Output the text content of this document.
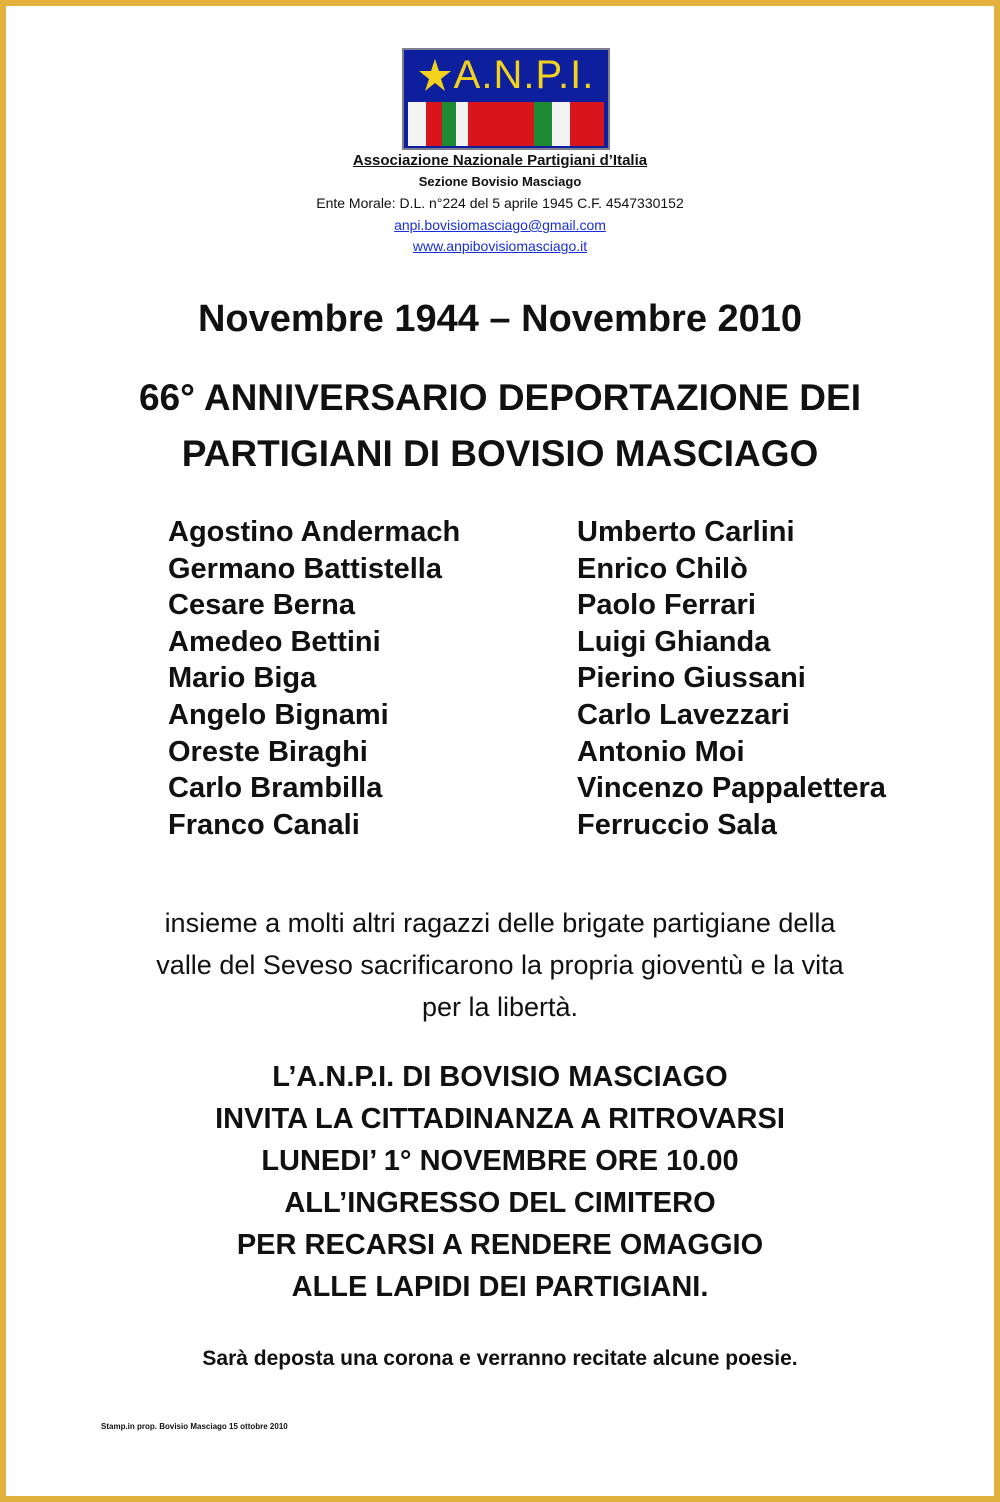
A.N.P.I.
Associazione Nazionale Partigiani d’Italia
Sezione Bovisio Masciago
Ente Morale: D.L. n°224 del 5 aprile 1945 C.F. 4547330152
anpi.bovisiomasciago@gmail.com
www.anpibovisiomasciago.it
Novembre 1944 – Novembre 2010
66° ANNIVERSARIO DEPORTAZIONE DEI
PARTIGIANI DI BOVISIO MASCIAGO
Agostino Andermach
Germano Battistella
Cesare Berna
Amedeo Bettini
Mario Biga
Angelo Bignami
Oreste Biraghi
Carlo Brambilla
Franco Canali
Umberto Carlini
Enrico Chilò
Paolo Ferrari
Luigi Ghianda
Pierino Giussani
Carlo Lavezzari
Antonio Moi
Vincenzo Pappalettera
Ferruccio Sala
insieme a molti altri ragazzi delle brigate partigiane della
valle del Seveso sacrificarono la propria gioventù e la vita
per la libertà.
L’A.N.P.I. DI BOVISIO MASCIAGO
INVITA LA CITTADINANZA A RITROVARSI
LUNEDI’ 1° NOVEMBRE ORE 10.00
ALL’INGRESSO DEL CIMITERO
PER RECARSI A RENDERE OMAGGIO
ALLE LAPIDI DEI PARTIGIANI.
Sarà deposta una corona e verranno recitate alcune poesie.
Stamp.in prop. Bovisio Masciago 15 ottobre 2010
